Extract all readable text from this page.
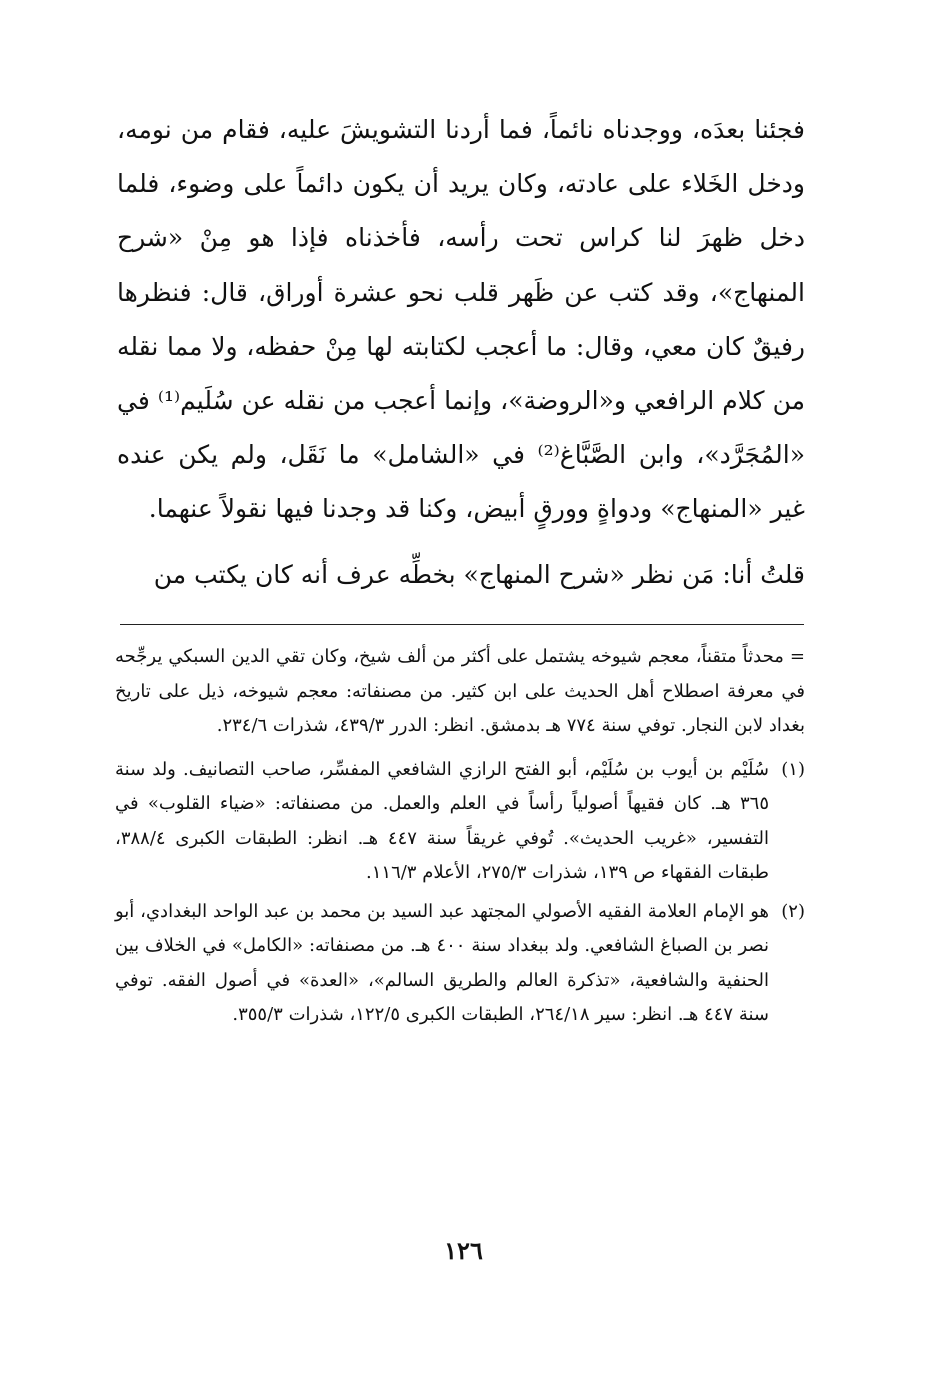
فجئنا بعدَه، ووجدناه نائماً، فما أردنا التشويشَ عليه، فقام من نومه، ودخل الخَلاء على عادته، وكان يريد أن يكون دائماً على وضوء، فلما دخل ظهرَ لنا كراس تحت رأسه، فأخذناه فإذا هو مِنْ «شرح المنهاج»، وقد كتب عن ظَهر قلب نحو عشرة أوراق، قال: فنظرها رفيقٌ كان معي، وقال: ما أعجب لكتابته لها مِنْ حفظه، ولا مما نقله من كلام الرافعي و«الروضة»، وإنما أعجب من نقله عن سُلَيم⁽¹⁾ في «المُجَرَّد»، وابن الصَّبَّاغ⁽²⁾ في «الشامل» ما نَقَل، ولم يكن عنده غير «المنهاج» ودواةٍ وورقٍ أبيض، وكنا قد وجدنا فيها نقولاً عنهما.

قلتُ أنا: مَن نظر «شرح المنهاج» بخطِّه عرف أنه كان يكتب من

= محدثاً متقناً، معجم شيوخه يشتمل على أكثر من ألف شيخ، وكان تقي الدين السبكي يرجِّحه في معرفة اصطلاح أهل الحديث على ابن كثير. من مصنفاته: معجم شيوخه، ذيل على تاريخ بغداد لابن النجار. توفي سنة ٧٧٤ هـ بدمشق. انظر: الدرر ٤٣٩/٣، شذرات ٢٣٤/٦.

(١)
سُلَيْم بن أيوب بن سُلَيْم، أبو الفتح الرازي الشافعي المفسِّر، صاحب التصانيف. ولد سنة ٣٦٥ هـ. كان فقيهاً أصولياً رأساً في العلم والعمل. من مصنفاته: «ضياء القلوب» في التفسير، «غريب الحديث». تُوفي غريقاً سنة ٤٤٧ هـ. انظر: الطبقات الكبرى ٣٨٨/٤، طبقات الفقهاء ص ١٣٩، شذرات ٢٧٥/٣، الأعلام ١١٦/٣.
(٢)
هو الإمام العلامة الفقيه الأصولي المجتهد عبد السيد بن محمد بن عبد الواحد البغدادي، أبو نصر بن الصباغ الشافعي. ولد ببغداد سنة ٤٠٠ هـ. من مصنفاته: «الكامل» في الخلاف بين الحنفية والشافعية، «تذكرة العالم والطريق السالم»، «العدة» في أصول الفقه. توفي سنة ٤٤٧ هـ. انظر: سير ٢٦٤/١٨، الطبقات الكبرى ١٢٢/٥، شذرات ٣٥٥/٣.
١٢٦
